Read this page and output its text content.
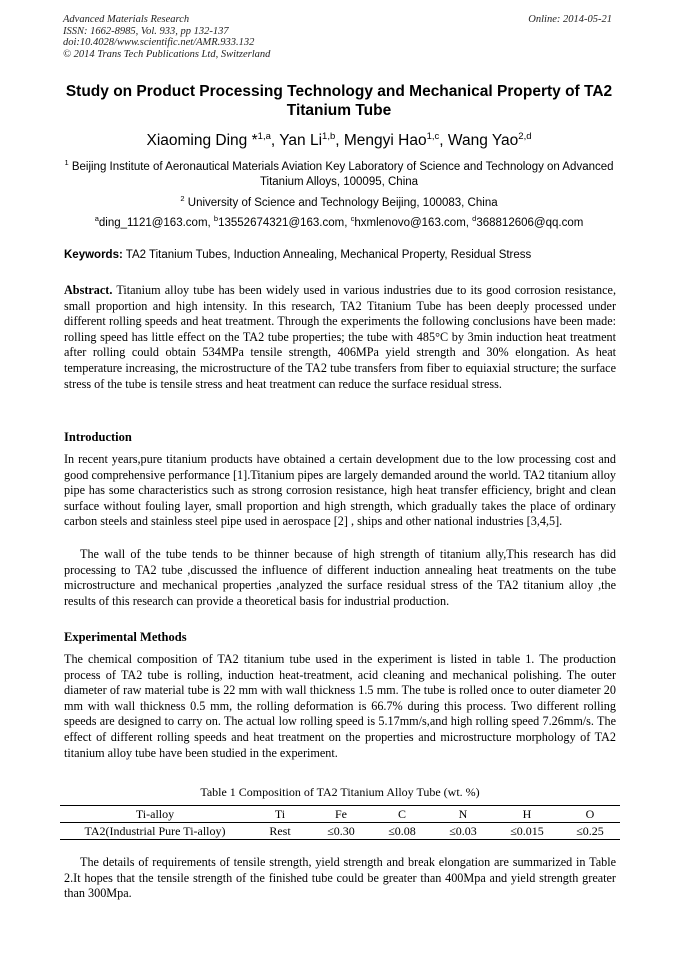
Advanced Materials Research
ISSN: 1662-8985, Vol. 933, pp 132-137
doi:10.4028/www.scientific.net/AMR.933.132
© 2014 Trans Tech Publications Ltd, Switzerland
Online: 2014-05-21
Study on Product Processing Technology and Mechanical Property of TA2 Titanium Tube
Xiaoming Ding *$^{1,a}$, Yan Li$^{1,b}$, Mengyi Hao$^{1,c}$, Wang Yao$^{2,d}$
$^1$ Beijing Institute of Aeronautical Materials Aviation Key Laboratory of Science and Technology on Advanced Titanium Alloys, 100095, China
$^2$ University of Science and Technology Beijing, 100083, China
$^a$ding_1121@163.com, $^b$13552674321@163.com, $^c$hxmlenovo@163.com, $^d$368812606@qq.com
Keywords: TA2 Titanium Tubes, Induction Annealing, Mechanical Property, Residual Stress
Abstract. Titanium alloy tube has been widely used in various industries due to its good corrosion resistance, small proportion and high intensity. In this research, TA2 Titanium Tube has been deeply processed under different rolling speeds and heat treatment. Through the experiments the following conclusions have been made: rolling speed has little effect on the TA2 tube properties; the tube with 485°C by 3min induction heat treatment after rolling could obtain 534MPa tensile strength, 406MPa yield strength and 30% elongation. As heat temperature increasing, the microstructure of the TA2 tube transfers from fiber to equiaxial structure; the surface stress of the tube is tensile stress and heat treatment can reduce the surface residual stress.
Introduction
In recent years,pure titanium products have obtained a certain development due to the low processing cost and good comprehensive performance [1].Titanium pipes are largely demanded around the world. TA2 titanium alloy pipe has some characteristics such as strong corrosion resistance, high heat transfer efficiency, bright and clean surface without fouling layer, small proportion and high strength, which gradually takes the place of ordinary carbon steels and stainless steel pipe used in aerospace [2] , ships and other national industries [3,4,5].
The wall of the tube tends to be thinner because of high strength of titanium ally,This research has did processing to TA2 tube ,discussed the influence of different induction annealing heat treatments on the tube microstructure and mechanical properties ,analyzed the surface residual stress of the TA2 titanium alloy ,the results of this research can provide a theoretical basis for industrial production.
Experimental Methods
The chemical composition of TA2 titanium tube used in the experiment is listed in table 1. The production process of TA2 tube is rolling, induction heat-treatment, acid cleaning and mechanical polishing. The outer diameter of raw material tube is 22 mm with wall thickness 1.5 mm. The tube is rolled once to outer diameter 20 mm with wall thickness 0.5 mm, the rolling deformation is 66.7% during this process. Two different rolling speeds are designed to carry on. The actual low rolling speed is 5.17mm/s,and high rolling speed 7.26mm/s. The effect of different rolling speeds and heat treatment on the properties and microstructure morphology of TA2 titanium alloy tube have been studied in the experiment.
Table 1 Composition of TA2 Titanium Alloy Tube (wt. %)
Ti-alloy	Ti	Fe	C	N	H	O
TA2(Industrial Pure Ti-alloy)	Rest	≤0.30	≤0.08	≤0.03	≤0.015	≤0.25
The details of requirements of tensile strength, yield strength and break elongation are summarized in Table 2.It hopes that the tensile strength of the finished tube could be greater than 400Mpa and yield strength greater than 300Mpa.
